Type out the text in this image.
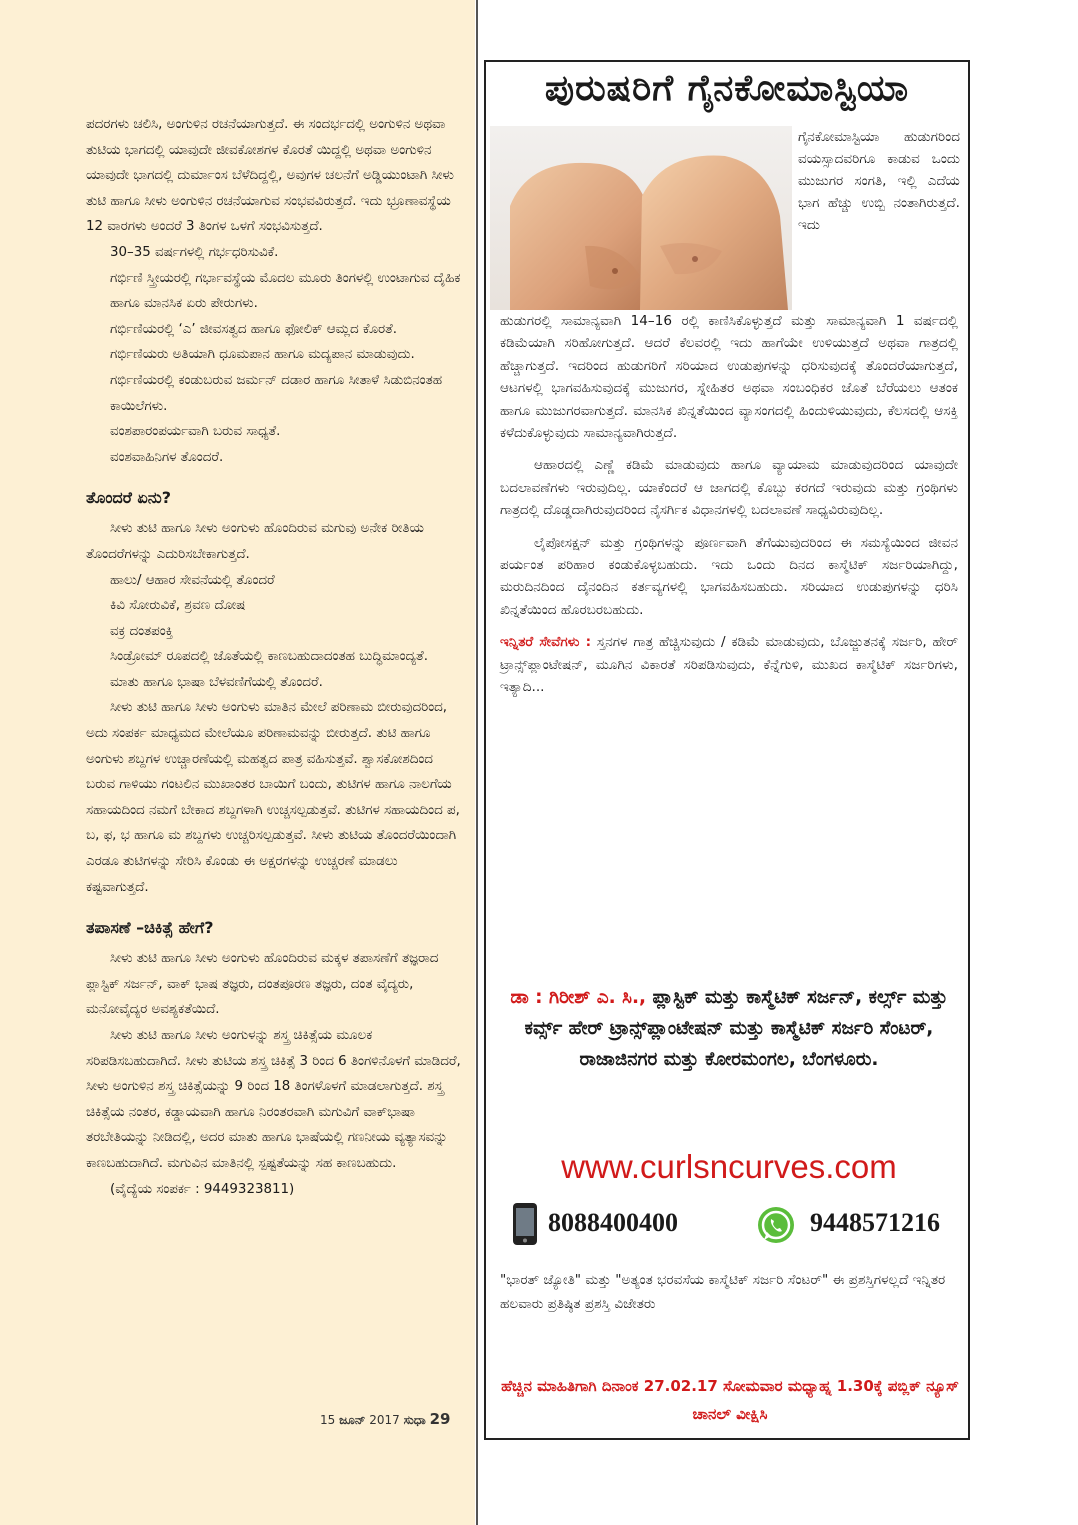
ಪದರಗಳು ಚಲಿಸಿ, ಅಂಗುಳಿನ ರಚನೆಯಾಗುತ್ತದೆ. ಈ ಸಂದರ್ಭದಲ್ಲಿ ಅಂಗುಳಿನ ಅಥವಾ ತುಟಿಯ ಭಾಗದಲ್ಲಿ ಯಾವುದೇ ಜೀವಕೋಶಗಳ ಕೊರತೆ ಯಿದ್ದಲ್ಲಿ ಅಥವಾ ಅಂಗುಳಿನ ಯಾವುದೇ ಭಾಗದಲ್ಲಿ ದುರ್ಮಾಂಸ ಬೆಳೆದಿದ್ದಲ್ಲಿ, ಅವುಗಳ ಚಲನೆಗೆ ಅಡ್ಡಿಯುಂಟಾಗಿ ಸೀಳು ತುಟಿ ಹಾಗೂ ಸೀಳು ಅಂಗುಳಿನ ರಚನೆಯಾಗುವ ಸಂಭವವಿರುತ್ತದೆ. ಇದು ಭ್ರೂಣಾವಸ್ಥೆಯ 12 ವಾರಗಳು ಅಂದರೆ 3 ತಿಂಗಳ ಒಳಗೆ ಸಂಭವಿಸುತ್ತದೆ.

30–35 ವರ್ಷಗಳಲ್ಲಿ ಗರ್ಭಧರಿಸುವಿಕೆ.

ಗರ್ಭಿಣಿ ಸ್ತ್ರೀಯರಲ್ಲಿ ಗರ್ಭಾವಸ್ಥೆಯ ಮೊದಲ ಮೂರು ತಿಂಗಳಲ್ಲಿ ಉಂಟಾಗುವ ದೈಹಿಕ ಹಾಗೂ ಮಾನಸಿಕ ಏರು ಪೇರುಗಳು.

ಗರ್ಭಿಣಿಯರಲ್ಲಿ ‘ಎ’ ಜೀವಸತ್ವದ ಹಾಗೂ ಫೋಲಿಕ್ ಆಮ್ಲದ ಕೊರತೆ.

ಗರ್ಭಿಣಿಯರು ಅತಿಯಾಗಿ ಧೂಮಪಾನ ಹಾಗೂ ಮದ್ಯಪಾನ ಮಾಡುವುದು.

ಗರ್ಭಿಣಿಯರಲ್ಲಿ ಕಂಡುಬರುವ ಜರ್ಮನ್ ದಡಾರ ಹಾಗೂ ಸೀತಾಳೆ ಸಿಡುಬಿನಂತಹ ಕಾಯಿಲೆಗಳು.

ವಂಶಪಾರಂಪರ್ಯವಾಗಿ ಬರುವ ಸಾಧ್ಯತೆ.

ವಂಶವಾಹಿನಿಗಳ ತೊಂದರೆ.

ತೊಂದರೆ ಏನು?

ಸೀಳು ತುಟಿ ಹಾಗೂ ಸೀಳು ಅಂಗುಳು ಹೊಂದಿರುವ ಮಗುವು ಅನೇಕ ರೀತಿಯ ತೊಂದರೆಗಳನ್ನು ಎದುರಿಸಬೇಕಾಗುತ್ತದೆ.

ಹಾಲು/ ಆಹಾರ ಸೇವನೆಯಲ್ಲಿ ತೊಂದರೆ

ಕಿವಿ ಸೋರುವಿಕೆ, ಶ್ರವಣ ದೋಷ

ವಕ್ರ ದಂತಪಂಕ್ತಿ

ಸಿಂಡ್ರೋಮ್ ರೂಪದಲ್ಲಿ ಜೊತೆಯಲ್ಲಿ ಕಾಣಬಹುದಾದಂತಹ ಬುದ್ಧಿಮಾಂದ್ಯತೆ.

ಮಾತು ಹಾಗೂ ಭಾಷಾ ಬೆಳವಣಿಗೆಯಲ್ಲಿ ತೊಂದರೆ.

ಸೀಳು ತುಟಿ ಹಾಗೂ ಸೀಳು ಅಂಗುಳು ಮಾತಿನ ಮೇಲೆ ಪರಿಣಾಮ ಬೀರುವುದರಿಂದ, ಅದು ಸಂಪರ್ಕ ಮಾಧ್ಯಮದ ಮೇಲೆಯೂ ಪರಿಣಾಮವನ್ನು ಬೀರುತ್ತದೆ. ತುಟಿ ಹಾಗೂ ಅಂಗುಳು ಶಬ್ದಗಳ ಉಚ್ಚಾರಣೆಯಲ್ಲಿ ಮಹತ್ವದ ಪಾತ್ರ ವಹಿಸುತ್ತವೆ. ಶ್ವಾಸಕೋಶದಿಂದ ಬರುವ ಗಾಳಿಯು ಗಂಟಲಿನ ಮುಖಾಂತರ ಬಾಯಿಗೆ ಬಂದು, ತುಟಿಗಳ ಹಾಗೂ ನಾಲಗೆಯ ಸಹಾಯದಿಂದ ನಮಗೆ ಬೇಕಾದ ಶಬ್ದಗಳಾಗಿ ಉಚ್ಚಸಲ್ಪಡುತ್ತವೆ. ತುಟಿಗಳ ಸಹಾಯದಿಂದ ಪ, ಬ, ಫ, ಭ ಹಾಗೂ ಮ ಶಬ್ದಗಳು ಉಚ್ಚರಿಸಲ್ಪಡುತ್ತವೆ. ಸೀಳು ತುಟಿಯ ತೊಂದರೆಯಿಂದಾಗಿ ಎರಡೂ ತುಟಿಗಳನ್ನು ಸೇರಿಸಿ ಕೊಂಡು ಈ ಅಕ್ಷರಗಳನ್ನು ಉಚ್ಚರಣೆ ಮಾಡಲು ಕಷ್ಟವಾಗುತ್ತದೆ.

ತಪಾಸಣೆ –ಚಿಕಿತ್ಸೆ ಹೇಗೆ?

ಸೀಳು ತುಟಿ ಹಾಗೂ ಸೀಳು ಅಂಗುಳು ಹೊಂದಿರುವ ಮಕ್ಕಳ ತಪಾಸಣೆಗೆ ತಜ್ಞರಾದ ಪ್ಲಾಸ್ಟಿಕ್ ಸರ್ಜನ್, ವಾಕ್ ಭಾಷ ತಜ್ಞರು, ದಂತಪೂರಣ ತಜ್ಞರು, ದಂತ ವೈದ್ಯರು, ಮನೋವೈದ್ಯರ ಅವಶ್ಯಕತೆಯಿದೆ.

ಸೀಳು ತುಟಿ ಹಾಗೂ ಸೀಳು ಅಂಗುಳನ್ನು ಶಸ್ತ್ರ ಚಿಕಿತ್ಸೆಯ ಮೂಲಕ ಸರಿಪಡಿಸಬಹುದಾಗಿದೆ. ಸೀಳು ತುಟಿಯ ಶಸ್ತ್ರ ಚಿಕಿತ್ಸೆ 3 ರಿಂದ 6 ತಿಂಗಳಿನೊಳಗೆ ಮಾಡಿದರೆ, ಸೀಳು ಅಂಗುಳಿನ ಶಸ್ತ್ರ ಚಿಕಿತ್ಸೆಯನ್ನು 9 ರಿಂದ 18 ತಿಂಗಳೊಳಗೆ ಮಾಡಲಾಗುತ್ತದೆ. ಶಸ್ತ್ರ ಚಿಕಿತ್ಸೆಯ ನಂತರ, ಕಡ್ಡಾಯವಾಗಿ ಹಾಗೂ ನಿರಂತರವಾಗಿ ಮಗುವಿಗೆ ವಾಕ್‌ಭಾಷಾ ತರಬೇತಿಯನ್ನು ನೀಡಿದಲ್ಲಿ, ಅದರ ಮಾತು ಹಾಗೂ ಭಾಷೆಯಲ್ಲಿ ಗಣನೀಯ ವ್ಯತ್ಯಾಸವನ್ನು ಕಾಣಬಹುದಾಗಿದೆ. ಮಗುವಿನ ಮಾತಿನಲ್ಲಿ ಸ್ಪಷ್ಟತೆಯನ್ನು ಸಹ ಕಾಣಬಹುದು.

(ವೈದ್ಯೆಯ ಸಂಪರ್ಕ : 9449323811)

15 ಜೂನ್ 2017 ಸುಧಾ 29
ಪುರುಷರಿಗೆ ಗೈನಕೋಮಾಸ್ಟಿಯಾ
ಗೈನಕೋಮಾಸ್ಟಿಯಾ ಹುಡುಗರಿಂದ ವಯಸ್ಸಾದವರಿಗೂ ಕಾಡುವ ಒಂದು ಮುಜುಗರ ಸಂಗತಿ, ಇಲ್ಲಿ ಎದೆಯ ಭಾಗ ಹೆಚ್ಚು ಉಬ್ಬಿ ನಂತಾಗಿರುತ್ತದೆ. ಇದು

ಹುಡುಗರಲ್ಲಿ ಸಾಮಾನ್ಯವಾಗಿ 14–16 ರಲ್ಲಿ ಕಾಣಿಸಿಕೊಳ್ಳುತ್ತದೆ ಮತ್ತು ಸಾಮಾನ್ಯವಾಗಿ 1 ವರ್ಷದಲ್ಲಿ ಕಡಿಮೆಯಾಗಿ ಸರಿಹೋಗುತ್ತದೆ. ಆದರೆ ಕೆಲವರಲ್ಲಿ ಇದು ಹಾಗೆಯೇ ಉಳಿಯುತ್ತದೆ ಅಥವಾ ಗಾತ್ರದಲ್ಲಿ ಹೆಚ್ಚಾಗುತ್ತದೆ. ಇದರಿಂದ ಹುಡುಗರಿಗೆ ಸರಿಯಾದ ಉಡುಪುಗಳನ್ನು ಧರಿಸುವುದಕ್ಕೆ ತೊಂದರೆಯಾಗುತ್ತದೆ, ಆಟಗಳಲ್ಲಿ ಭಾಗವಹಿಸುವುದಕ್ಕೆ ಮುಜುಗರ, ಸ್ನೇಹಿತರ ಅಥವಾ ಸಂಬಂಧಿಕರ ಜೊತೆ ಬೆರೆಯಲು ಆತಂಕ ಹಾಗೂ ಮುಜುಗರವಾಗುತ್ತದೆ. ಮಾನಸಿಕ ಖಿನ್ನತೆಯಿಂದ ವ್ಯಾಸಂಗದಲ್ಲಿ ಹಿಂದುಳಿಯುವುದು, ಕೆಲಸದಲ್ಲಿ ಆಸಕ್ತಿ ಕಳೆದುಕೊಳ್ಳುವುದು ಸಾಮಾನ್ಯವಾಗಿರುತ್ತದೆ.

ಆಹಾರದಲ್ಲಿ ಎಣ್ಣೆ ಕಡಿಮೆ ಮಾಡುವುದು ಹಾಗೂ ವ್ಯಾಯಾಮ ಮಾಡುವುದರಿಂದ ಯಾವುದೇ ಬದಲಾವಣೆಗಳು ಇರುವುದಿಲ್ಲ. ಯಾಕೆಂದರೆ ಆ ಜಾಗದಲ್ಲಿ ಕೊಬ್ಬು ಕರಗದೆ ಇರುವುದು ಮತ್ತು ಗ್ರಂಥಿಗಳು ಗಾತ್ರದಲ್ಲಿ ದೊಡ್ಡದಾಗಿರುವುದರಿಂದ ನೈಸರ್ಗಿಕ ವಿಧಾನಗಳಲ್ಲಿ ಬದಲಾವಣೆ ಸಾಧ್ಯವಿರುವುದಿಲ್ಲ.

ಲೈಪೋಸಕ್ಷನ್ ಮತ್ತು ಗ್ರಂಥಿಗಳನ್ನು ಪೂರ್ಣವಾಗಿ ತೆಗೆಯುವುದರಿಂದ ಈ ಸಮಸ್ಯೆಯಿಂದ ಜೀವನ ಪರ್ಯಂತ ಪರಿಹಾರ ಕಂಡುಕೊಳ್ಳಬಹುದು. ಇದು ಒಂದು ದಿನದ ಕಾಸ್ಮೆಟಿಕ್ ಸರ್ಜರಿಯಾಗಿದ್ದು, ಮರುದಿನದಿಂದ ದೈನಂದಿನ ಕರ್ತವ್ಯಗಳಲ್ಲಿ ಭಾಗವಹಿಸಬಹುದು. ಸರಿಯಾದ ಉಡುಪುಗಳನ್ನು ಧರಿಸಿ ಖಿನ್ನತೆಯಿಂದ ಹೊರಬರಬಹುದು.

ಇನ್ನಿತರೆ ಸೇವೆಗಳು : ಸ್ತನಗಳ ಗಾತ್ರ ಹೆಚ್ಚಿಸುವುದು / ಕಡಿಮೆ ಮಾಡುವುದು, ಬೊಜ್ಜುತನಕ್ಕೆ ಸರ್ಜರಿ, ಹೇರ್ ಟ್ರಾನ್ಸ್‌ಪ್ಲಾಂಟೇಷನ್, ಮೂಗಿನ ವಿಕಾರತೆ ಸರಿಪಡಿಸುವುದು, ಕೆನ್ನೆಗುಳಿ, ಮುಖದ ಕಾಸ್ಮೆಟಿಕ್ ಸರ್ಜರಿಗಳು, ಇತ್ಯಾದಿ...

ಡಾ : ಗಿರೀಶ್ ಎ. ಸಿ., ಪ್ಲಾಸ್ಟಿಕ್ ಮತ್ತು ಕಾಸ್ಮೆಟಿಕ್ ಸರ್ಜನ್, ಕರ್ಲ್ಸ್ ಮತ್ತು ಕರ್ವ್ಸ್ ಹೇರ್ ಟ್ರಾನ್ಸ್‌ಪ್ಲಾಂಟೇಷನ್ ಮತ್ತು ಕಾಸ್ಮೆಟಿಕ್ ಸರ್ಜರಿ ಸೆಂಟರ್, ರಾಜಾಜಿನಗರ ಮತ್ತು ಕೋರಮಂಗಲ, ಬೆಂಗಳೂರು.
www.curlsncurves.com
8088400400	9448571216
"ಭಾರತ್ ಜ್ಯೋತಿ" ಮತ್ತು "ಅತ್ಯಂತ ಭರವಸೆಯ ಕಾಸ್ಮೆಟಿಕ್ ಸರ್ಜರಿ ಸೆಂಟರ್" ಈ ಪ್ರಶಸ್ತಿಗಳಲ್ಲದೆ ಇನ್ನಿತರ ಹಲವಾರು ಪ್ರತಿಷ್ಠಿತ ಪ್ರಶಸ್ತಿ ವಿಜೇತರು
ಹೆಚ್ಚಿನ ಮಾಹಿತಿಗಾಗಿ ದಿನಾಂಕ 27.02.17 ಸೋಮವಾರ ಮಧ್ಯಾಹ್ನ 1.30ಕ್ಕೆ ಪಬ್ಲಿಕ್ ನ್ಯೂಸ್ ಚಾನಲ್ ವೀಕ್ಷಿಸಿ
